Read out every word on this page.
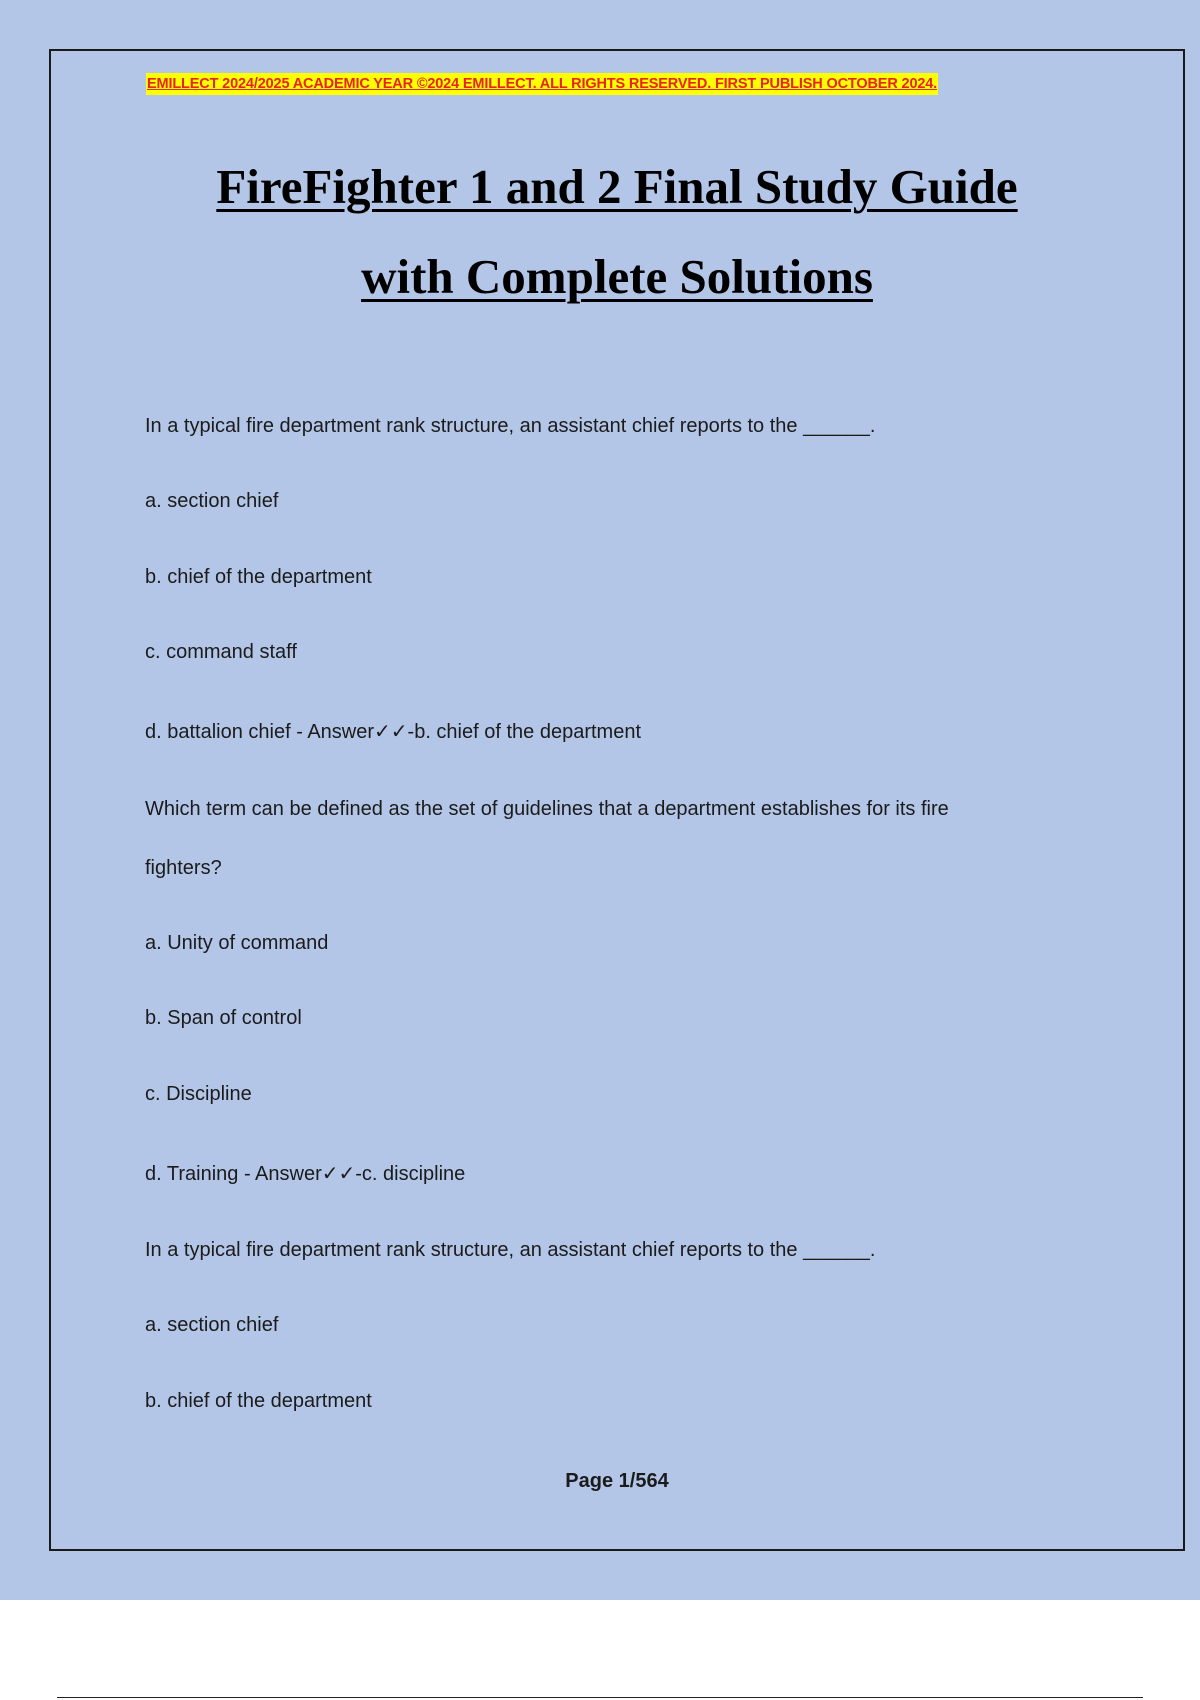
EMILLECT 2024/2025 ACADEMIC YEAR ©2024 EMILLECT. ALL RIGHTS RESERVED. FIRST PUBLISH OCTOBER 2024.
FireFighter 1 and 2 Final Study Guide
with Complete Solutions

In a typical fire department rank structure, an assistant chief reports to the ______.

a. section chief

b. chief of the department

c. command staff

d. battalion chief - Answer✓✓-b. chief of the department

Which term can be defined as the set of guidelines that a department establishes for its fire

fighters?

a. Unity of command

b. Span of control

c. Discipline

d. Training - Answer✓✓-c. discipline

In a typical fire department rank structure, an assistant chief reports to the ______.

a. section chief

b. chief of the department

Page 1/564
